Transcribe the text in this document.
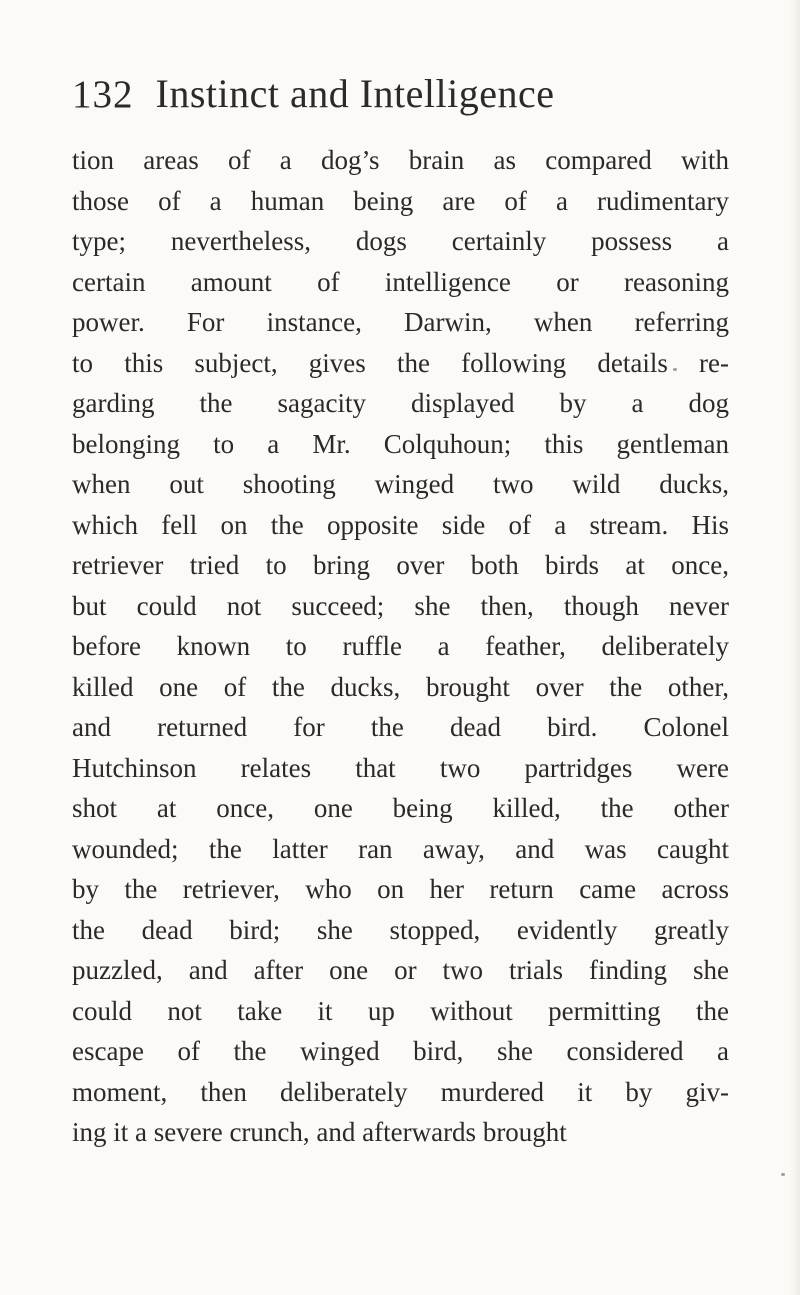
132 Instinct and Intelligence
tion areas of a dog’s brain as compared with
those of a human being are of a rudimentary
type; nevertheless, dogs certainly possess a
certain amount of intelligence or reasoning
power. For instance, Darwin, when referring
to this subject, gives the following details re-
garding the sagacity displayed by a dog
belonging to a Mr. Colquhoun; this gentleman
when out shooting winged two wild ducks,
which fell on the opposite side of a stream. His
retriever tried to bring over both birds at once,
but could not succeed; she then, though never
before known to ruffle a feather, deliberately
killed one of the ducks, brought over the other,
and returned for the dead bird. Colonel
Hutchinson relates that two partridges were
shot at once, one being killed, the other
wounded; the latter ran away, and was caught
by the retriever, who on her return came across
the dead bird; she stopped, evidently greatly
puzzled, and after one or two trials finding she
could not take it up without permitting the
escape of the winged bird, she considered a
moment, then deliberately murdered it by giv-
ing it a severe crunch, and afterwards brought
